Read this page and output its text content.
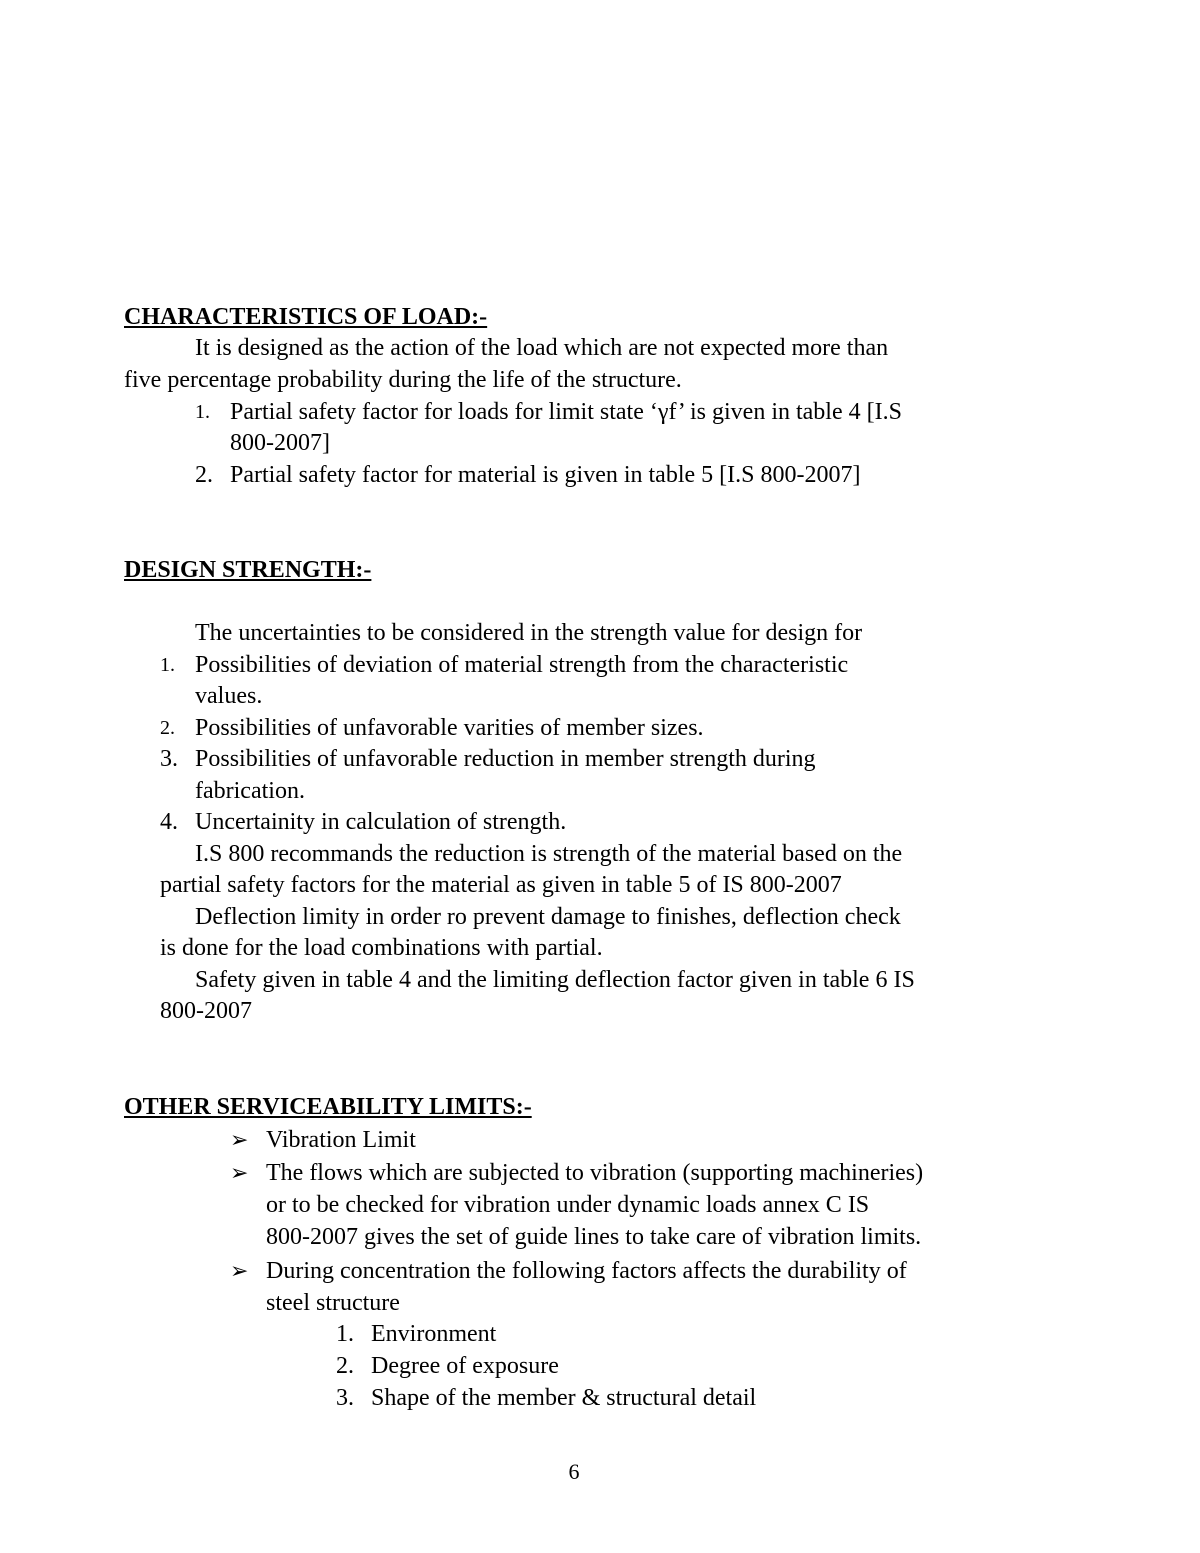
CHARACTERISTICS OF LOAD:-
It is designed as the action of the load which are not expected more than
five percentage probability during the life of the structure.
1. Partial safety factor for loads for limit state ‘γf’ is given in table 4 [I.S
800-2007]
2. Partial safety factor for material is given in table 5 [I.S 800-2007]
DESIGN STRENGTH:-
The uncertainties to be considered in the strength value for design for
1. Possibilities of deviation of material strength from the characteristic
values.
2. Possibilities of unfavorable varities of member sizes.
3. Possibilities of unfavorable reduction in member strength during
fabrication.
4. Uncertainity in calculation of strength.
I.S 800 recommands the reduction is strength of the material based on the
partial safety factors for the material as given in table 5 of IS 800-2007
Deflection limity in order ro prevent damage to finishes, deflection check
is done for the load combinations with partial.
Safety given in table 4 and the limiting deflection factor given in table 6 IS
800-2007
OTHER SERVICEABILITY LIMITS:-
➢ Vibration Limit
➢ The flows which are subjected to vibration (supporting machineries)
or to be checked for vibration under dynamic loads annex C IS
800-2007 gives the set of guide lines to take care of vibration limits.
➢ During concentration the following factors affects the durability of
steel structure
1. Environment
2. Degree of exposure
3. Shape of the member & structural detail
6
